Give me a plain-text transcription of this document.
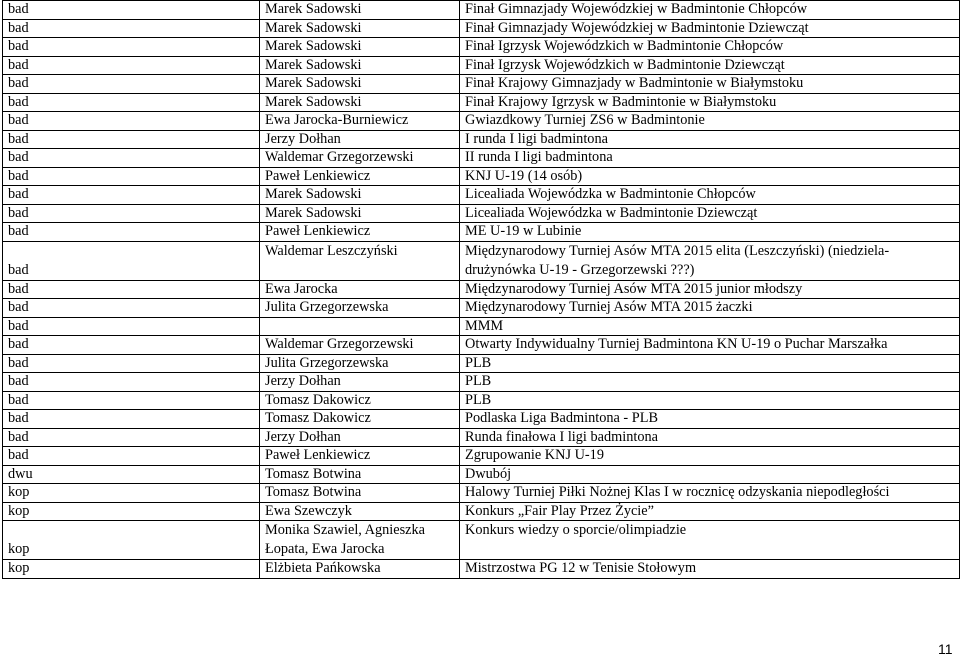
bad	Marek Sadowski	Finał Gimnazjady Wojewódzkiej w Badmintonie Chłopców
bad	Marek Sadowski	Finał Gimnazjady Wojewódzkiej w Badmintonie Dziewcząt
bad	Marek Sadowski	Finał Igrzysk Wojewódzkich w Badmintonie Chłopców
bad	Marek Sadowski	Finał Igrzysk Wojewódzkich w Badmintonie Dziewcząt
bad	Marek Sadowski	Finał Krajowy Gimnazjady w Badmintonie w Białymstoku
bad	Marek Sadowski	Finał Krajowy Igrzysk w Badmintonie w Białymstoku
bad	Ewa Jarocka-Burniewicz	Gwiazdkowy Turniej ZS6 w Badmintonie
bad	Jerzy Dołhan	I runda I ligi badmintona
bad	Waldemar Grzegorzewski	II runda I ligi badmintona
bad	Paweł Lenkiewicz	KNJ U-19 (14 osób)
bad	Marek Sadowski	Licealiada Wojewódzka w Badmintonie Chłopców
bad	Marek Sadowski	Licealiada Wojewódzka w Badmintonie Dziewcząt
bad	Paweł Lenkiewicz	ME U-19 w Lubinie
bad	Waldemar Leszczyński	Międzynarodowy Turniej Asów MTA 2015 elita (Leszczyński) (niedziela-drużynówka U-19 - Grzegorzewski ???)
bad	Ewa Jarocka	Międzynarodowy Turniej Asów MTA 2015 junior młodszy
bad	Julita Grzegorzewska	Międzynarodowy Turniej Asów MTA 2015 żaczki
bad		MMM
bad	Waldemar Grzegorzewski	Otwarty Indywidualny Turniej Badmintona KN U-19 o Puchar Marszałka
bad	Julita Grzegorzewska	PLB
bad	Jerzy Dołhan	PLB
bad	Tomasz Dakowicz	PLB
bad	Tomasz Dakowicz	Podlaska Liga Badmintona - PLB
bad	Jerzy Dołhan	Runda finałowa I ligi badmintona
bad	Paweł Lenkiewicz	Zgrupowanie KNJ U-19
dwu	Tomasz Botwina	Dwubój
kop	Tomasz Botwina	Halowy Turniej Piłki Nożnej Klas I w rocznicę odzyskania niepodległości
kop	Ewa Szewczyk	Konkurs „Fair Play Przez Życie”
kop	Monika Szawiel, Agnieszka Łopata, Ewa Jarocka	Konkurs wiedzy o sporcie/olimpiadzie
kop	Elżbieta Pańkowska	Mistrzostwa PG 12 w Tenisie Stołowym
11
